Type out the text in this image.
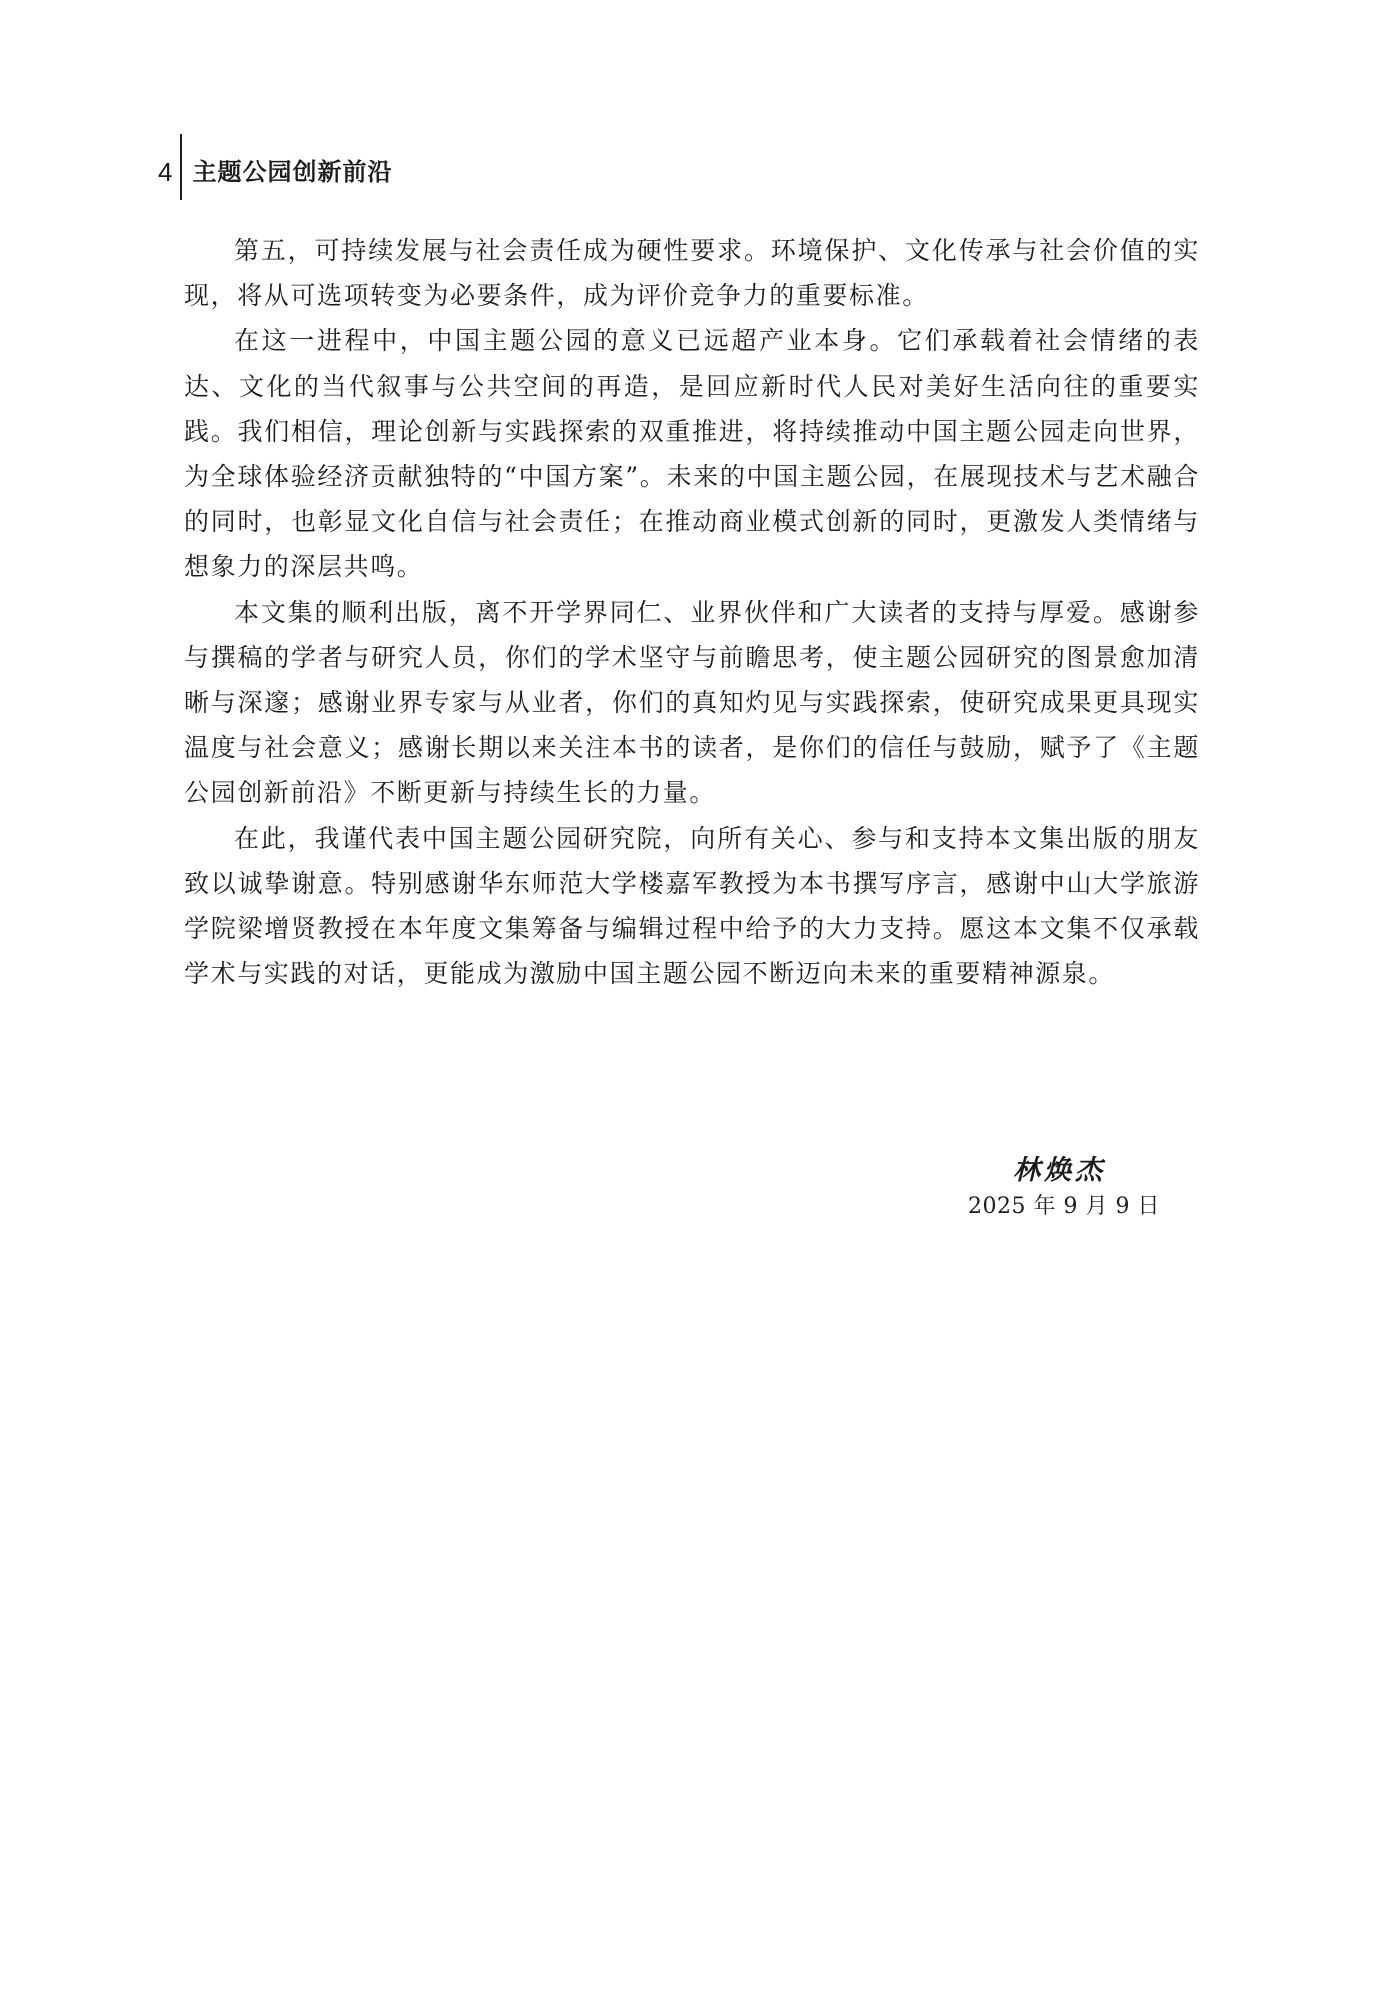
4 主题公园创新前沿

第五，可持续发展与社会责任成为硬性要求。环境保护、文化传承与社会价值的实现，将从可选项转变为必要条件，成为评价竞争力的重要标准。

在这一进程中，中国主题公园的意义已远超产业本身。它们承载着社会情绪的表达、文化的当代叙事与公共空间的再造，是回应新时代人民对美好生活向往的重要实践。我们相信，理论创新与实践探索的双重推进，将持续推动中国主题公园走向世界，为全球体验经济贡献独特的“中国方案”。未来的中国主题公园，在展现技术与艺术融合的同时，也彰显文化自信与社会责任；在推动商业模式创新的同时，更激发人类情绪与想象力的深层共鸣。

本文集的顺利出版，离不开学界同仁、业界伙伴和广大读者的支持与厚爱。感谢参与撰稿的学者与研究人员，你们的学术坚守与前瞻思考，使主题公园研究的图景愈加清晰与深邃；感谢业界专家与从业者，你们的真知灼见与实践探索，使研究成果更具现实温度与社会意义；感谢长期以来关注本书的读者，是你们的信任与鼓励，赋予了《主题公园创新前沿》不断更新与持续生长的力量。

在此，我谨代表中国主题公园研究院，向所有关心、参与和支持本文集出版的朋友致以诚挚谢意。特别感谢华东师范大学楼嘉军教授为本书撰写序言，感谢中山大学旅游学院梁增贤教授在本年度文集筹备与编辑过程中给予的大力支持。愿这本文集不仅承载学术与实践的对话，更能成为激励中国主题公园不断迈向未来的重要精神源泉。

林焕杰
2025 年 9 月 9 日
